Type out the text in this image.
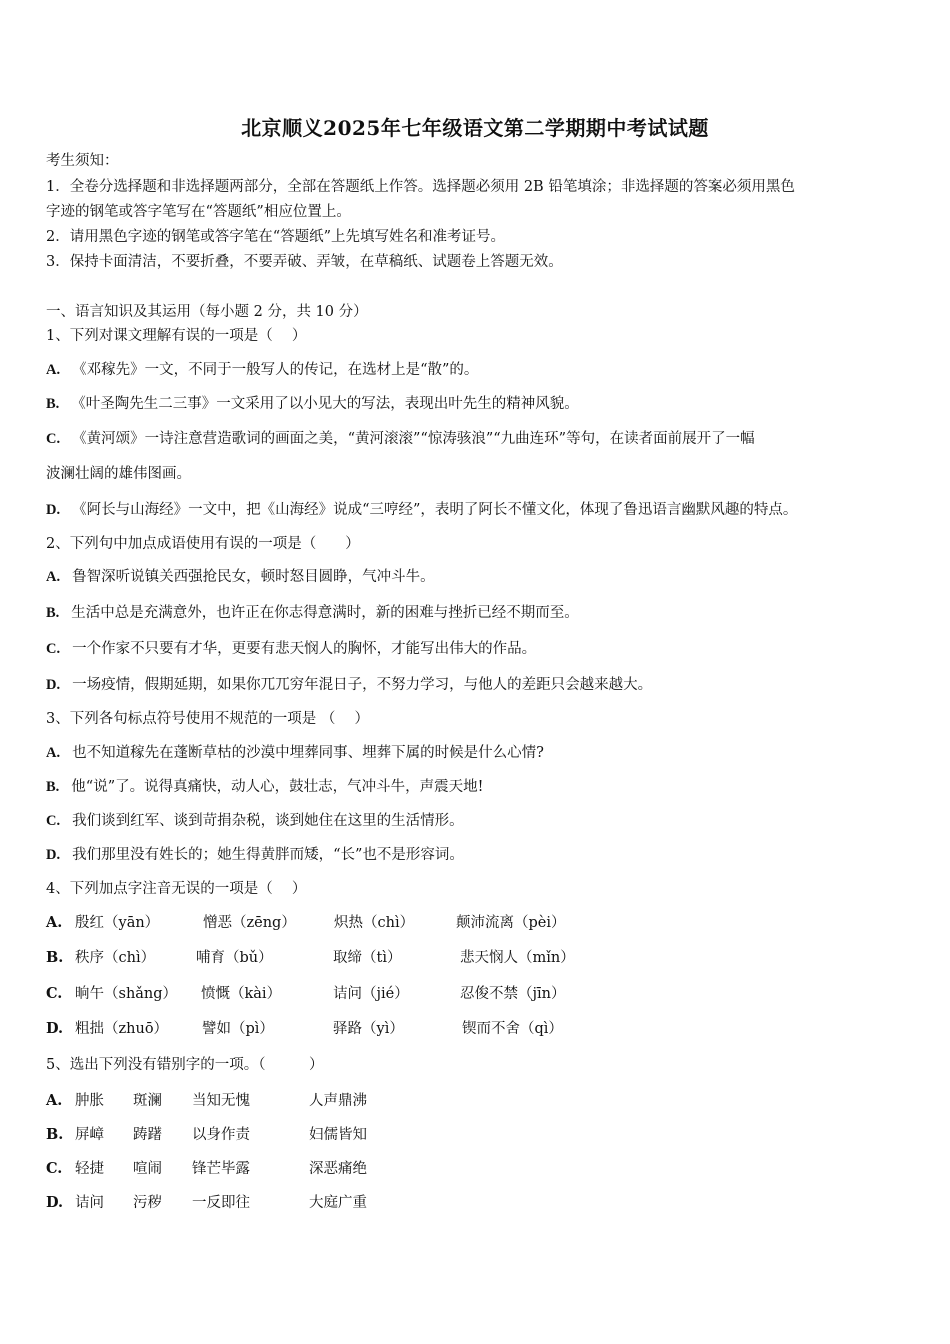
北京顺义2025年七年级语文第二学期期中考试试题
考生须知：
1．全卷分选择题和非选择题两部分，全部在答题纸上作答。选择题必须用 2B 铅笔填涂；非选择题的答案必须用黑色
字迹的钢笔或答字笔写在“答题纸”相应位置上。
2．请用黑色字迹的钢笔或答字笔在“答题纸”上先填写姓名和准考证号。
3．保持卡面清洁，不要折叠，不要弄破、弄皱，在草稿纸、试题卷上答题无效。
一、语言知识及其运用（每小题 2 分，共 10 分）
1、下列对课文理解有误的一项是（　 ）
A. 《邓稼先》一文，不同于一般写人的传记，在选材上是“散”的。
B. 《叶圣陶先生二三事》一文采用了以小见大的写法，表现出叶先生的精神风貌。
C. 《黄河颂》一诗注意营造歌词的画面之美，“黄河滚滚”“惊涛骇浪”“九曲连环”等句，在读者面前展开了一幅
波澜壮阔的雄伟图画。
D. 《阿长与山海经》一文中，把《山海经》说成“三哼经”，表明了阿长不懂文化，体现了鲁迅语言幽默风趣的特点。
2、下列句中加点成语使用有误的一项是（　　）
A. 鲁智深听说镇关西强抢民女，顿时怒目圆睁，气冲斗牛。
B. 生活中总是充满意外，也许正在你志得意满时，新的困难与挫折已经不期而至。
C. 一个作家不只要有才华，更要有悲天悯人的胸怀，才能写出伟大的作品。
D. 一场疫情，假期延期，如果你兀兀穷年混日子，不努力学习，与他人的差距只会越来越大。
3、下列各句标点符号使用不规范的一项是 （　 ）
A. 也不知道稼先在蓬断草枯的沙漠中埋葬同事、埋葬下属的时候是什么心情?
B. 他“说”了。说得真痛快，动人心，鼓壮志，气冲斗牛，声震天地!
C. 我们谈到红军、谈到苛捐杂税，谈到她住在这里的生活情形。
D. 我们那里没有姓长的；她生得黄胖而矮，“长”也不是形容词。
4、下列加点字注音无误的一项是（　 ）
A. 殷红（yān）	憎恶（zēng）	炽热（chì）	颠沛流离（pèi）
B. 秩序（chì）	哺育（bǔ）	取缔（tì）	悲天悯人（mǐn）
C. 晌午（shǎng） 愤慨（kài）	诘问（jié）	忍俊不禁（jīn）
D. 粗拙（zhuō） 譬如（pì）	驿路（yì）	锲而不舍（qì）
5、选出下列没有错别字的一项。（　　　）
A. 肿胀 斑澜 当知无愧	人声鼎沸
B. 屏嶂 踌躇 以身作责	妇儒皆知
C. 轻捷 喧闹 锋芒毕露	深恶痛绝
D. 诘问 污秽 一反即往	大庭广重
